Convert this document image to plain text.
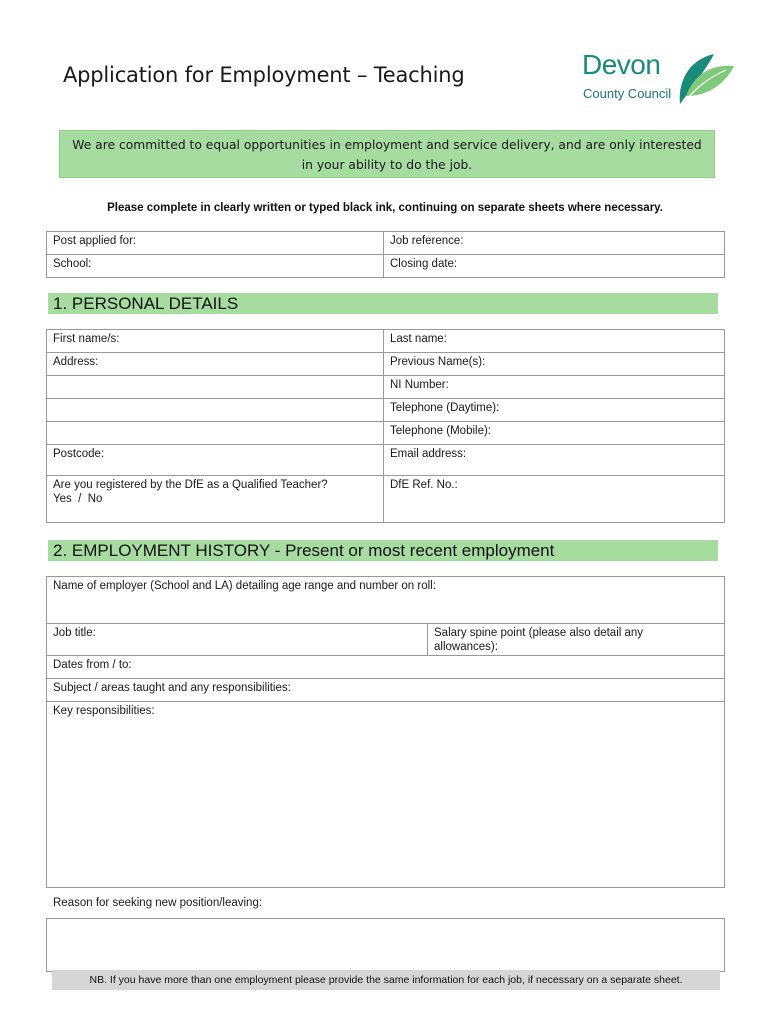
Application for Employment – Teaching	Devon
County Council
We are committed to equal opportunities in employment and service delivery, and are only interested
in your ability to do the job.
Please complete in clearly written or typed black ink, continuing on separate sheets where necessary.
Post applied for:	Job reference:
School:	Closing date:
1. PERSONAL DETAILS
First name/s:	Last name:
Address:	Previous Name(s):
	NI Number:
	Telephone (Daytime):
	Telephone (Mobile):
Postcode:	Email address:

Are you registered by the DfE as a Qualified Teacher?
Yes  /  No	DfE Ref. No.:
2. EMPLOYMENT HISTORY - Present or most recent employment
Name of employer (School and LA) detailing age range and number on roll:
Job title:	Salary spine point (please also detail any
allowances):

Dates from / to:
Subject / areas taught and any responsibilities:
Key responsibilities:
Reason for seeking new position/leaving:
NB. If you have more than one employment please provide the same information for each job, if necessary on a separate sheet.
